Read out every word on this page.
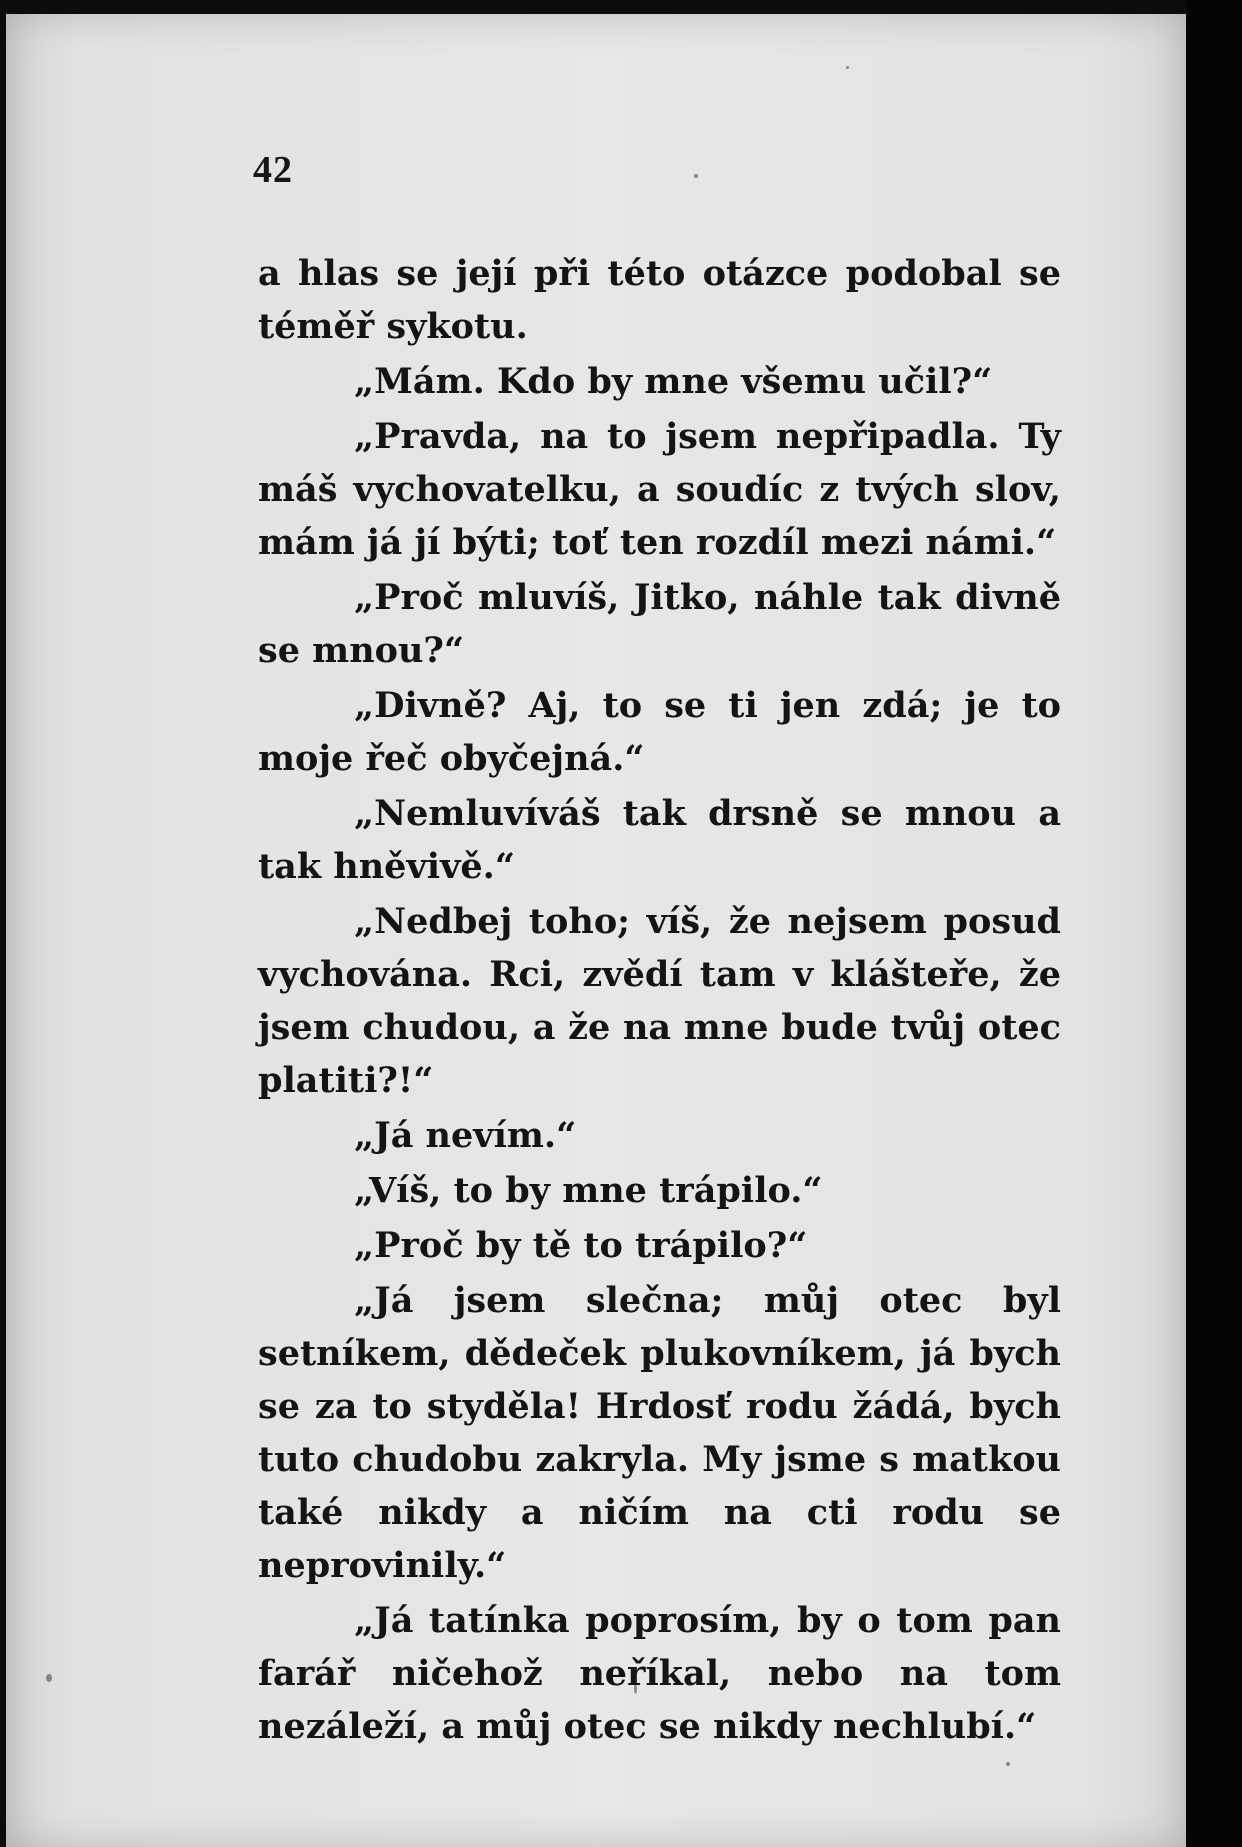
42

a hlas se její při této otázce podobal se téměř sykotu.

„Mám. Kdo by mne všemu učil?“

„Pravda, na to jsem nepřipadla. Ty máš vychovatelku, a soudíc z tvých slov, mám já jí býti; toť ten rozdíl mezi námi.“

„Proč mluvíš, Jitko, náhle tak divně se mnou?“

„Divně? Aj, to se ti jen zdá; je to moje řeč obyčejná.“

„Nemluvíváš tak drsně se mnou a tak hněvivě.“

„Nedbej toho; víš, že nejsem posud vychována. Rci, zvědí tam v klášteře, že jsem chudou, a že na mne bude tvůj otec platiti?!“

„Já nevím.“

„Víš, to by mne trápilo.“

„Proč by tě to trápilo?“

„Já jsem slečna; můj otec byl setníkem, dědeček plukovníkem, já bych se za to styděla! Hrdosť rodu žádá, bych tuto chudobu zakryla. My jsme s matkou také nikdy a ničím na cti rodu se neprovinily.“

„Já tatínka poprosím, by o tom pan farář ničehož neříkal, nebo na tom nezáleží, a můj otec se nikdy nechlubí.“
